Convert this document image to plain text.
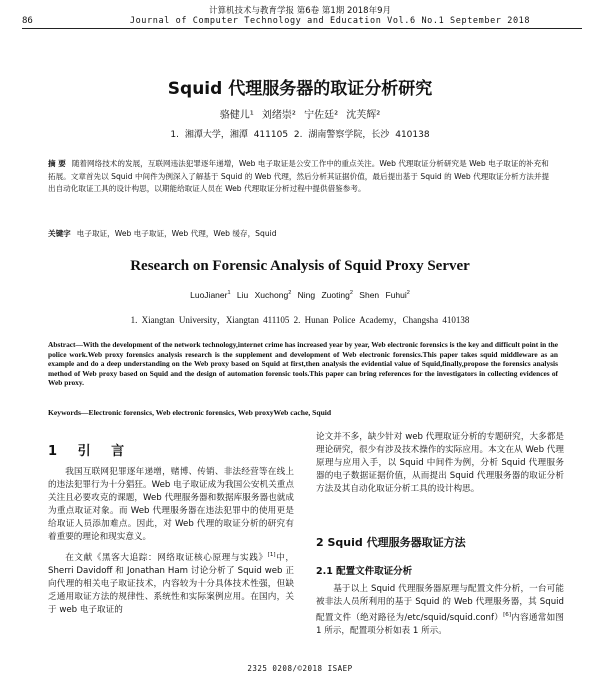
计算机技术与教育学报 第6卷 第1期 2018年9月
86	Journal of Computer Technology and Education Vol.6 No.1 September 2018
Squid 代理服务器的取证分析研究
骆健儿¹ 刘绪崇² 宁佐廷² 沈芙辉²
1. 湘潭大学，湘潭 411105 2. 湖南警察学院，长沙 410138
摘 要 随着网络技术的发展，互联网违法犯罪逐年递增，Web 电子取证是公安工作中的重点关注。Web 代理取证分析研究是 Web 电子取证的补充和拓展。文章首先以 Squid 中间件为例深入了解基于 Squid 的 Web 代理，然后分析其证据价值，最后提出基于 Squid 的 Web 代理取证分析方法并提出自动化取证工具的设计构思，以期能给取证人员在 Web 代理取证分析过程中提供借鉴参考。
关键字 电子取证，Web 电子取证，Web 代理，Web 缓存，Squid
Research on Forensic Analysis of Squid Proxy Server
LuoJianer$^1$ Liu Xuchong$^2$ Ning Zuoting$^2$ Shen Fuhui$^2$
1. Xiangtan University，Xiangtan 411105 2. Hunan Police Academy，Changsha 410138
Abstract—With the development of the network technology,internet crime has increased year by year, Web electronic forensics is the key and difficult point in the police work.Web proxy forensics analysis research is the supplement and development of Web electronic forensics.This paper takes squid middleware as an example and do a deep understanding on the Web proxy based on Squid at first,then analysis the evidential value of Squid,finally,propose the forensics analysis method of Web proxy based on Squid and the design of automation forensic tools.This paper can bring references for the investigators in collecting evidences of Web proxy.
Keywords—Electronic forensics, Web electronic forensics, Web proxyWeb cache, Squid
1 引 言

我国互联网犯罪逐年递增，赌博、传销、非法经营等在线上的违法犯罪行为十分猖狂。Web 电子取证成为我国公安机关重点关注且必要攻克的课题，Web 代理服务器和数据库服务器也就成为重点取证对象。而 Web 代理服务器在违法犯罪中的使用更是给取证人员添加难点。因此，对 Web 代理的取证分析的研究有着重要的理论和现实意义。

在文献《黑客大追踪：网络取证核心原理与实践》[1]中，Sherri Davidoff 和 Jonathan Ham 讨论分析了 Squid web 正向代理的相关电子取证技术，内容较为十分具体技术性强，但缺乏通用取证方法的规律性、系统性和实际案例应用。在国内，关于 web 电子取证的

论文并不多，缺少针对 web 代理取证分析的专题研究，大多都是理论研究，很少有涉及技术操作的实际应用。本文在从 Web 代理原理与应用入手，以 Squid 中间件为例，分析 Squid 代理服务器的电子数据证据价值，从而提出 Squid 代理服务器的取证分析方法及其自动化取证分析工具的设计构思。

2 Squid 代理服务器取证方法
2.1 配置文件取证分析

基于以上 Squid 代理服务器原理与配置文件分析，一台可能被非法人员所利用的基于 Squid 的 Web 代理服务器，其 Squid 配置文件（绝对路径为/etc/squid/squid.conf）[6]内容通常如图 1 所示，配置项分析如表 1 所示。

2325 0208/©2018 ISAEP
